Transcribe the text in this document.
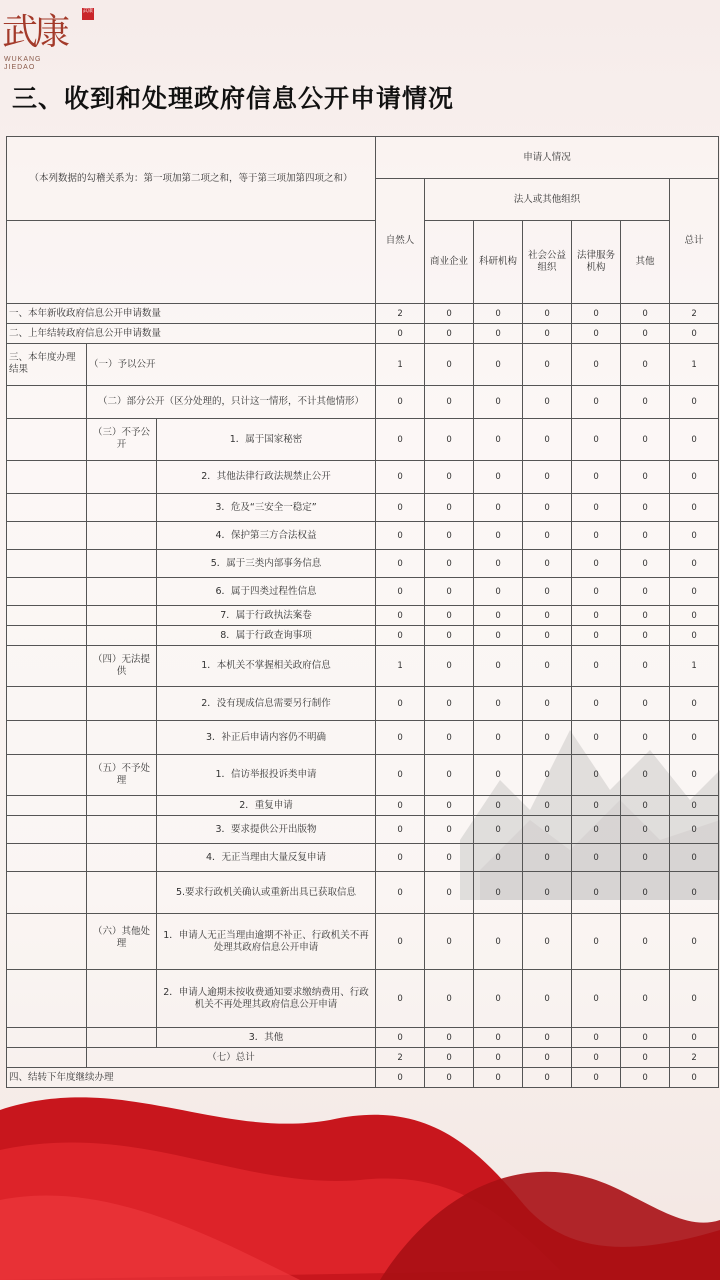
武康
武康
WUKANG
JIEDAO
三、收到和处理政府信息公开申请情况
（本列数据的勾稽关系为：第一项加第二项之和，等于第三项加第四项之和）			申请人情况						
			自然人	法人或其他组织					总计
				商业企业	科研机构	社会公益组织	法律服务机构	其他	
一、本年新收政府信息公开申请数量			2	0	0	0	0	0	2
二、上年结转政府信息公开申请数量			0	0	0	0	0	0	0
三、本年度办理结果	（一）予以公开		1	0	0	0	0	0	1
	（二）部分公开（区分处理的，只计这一情形，不计其他情形）		0	0	0	0	0	0	0
	（三）不予公开	1．属于国家秘密	0	0	0	0	0	0	0
		2．其他法律行政法规禁止公开	0	0	0	0	0	0	0
		3．危及“三安全一稳定”	0	0	0	0	0	0	0
		4．保护第三方合法权益	0	0	0	0	0	0	0
		5．属于三类内部事务信息	0	0	0	0	0	0	0
		6．属于四类过程性信息	0	0	0	0	0	0	0
		7．属于行政执法案卷	0	0	0	0	0	0	0
		8．属于行政查询事项	0	0	0	0	0	0	0
	（四）无法提供	1．本机关不掌握相关政府信息	1	0	0	0	0	0	1
		2．没有现成信息需要另行制作	0	0	0	0	0	0	0
		3．补正后申请内容仍不明确	0	0	0	0	0	0	0
	（五）不予处理	1．信访举报投诉类申请	0	0	0	0	0	0	0
		2．重复申请	0	0	0	0	0	0	0
		3．要求提供公开出版物	0	0	0	0	0	0	0
		4．无正当理由大量反复申请	0	0	0	0	0	0	0
		5.要求行政机关确认或重新出具已获取信息	0	0	0	0	0	0	0
	（六）其他处理	1．申请人无正当理由逾期不补正、行政机关不再处理其政府信息公开申请	0	0	0	0	0	0	0
		2．申请人逾期未按收费通知要求缴纳费用、行政机关不再处理其政府信息公开申请	0	0	0	0	0	0	0
		3．其他	0	0	0	0	0	0	0
	（七）总计		2	0	0	0	0	0	2
四、结转下年度继续办理			0	0	0	0	0	0	0
